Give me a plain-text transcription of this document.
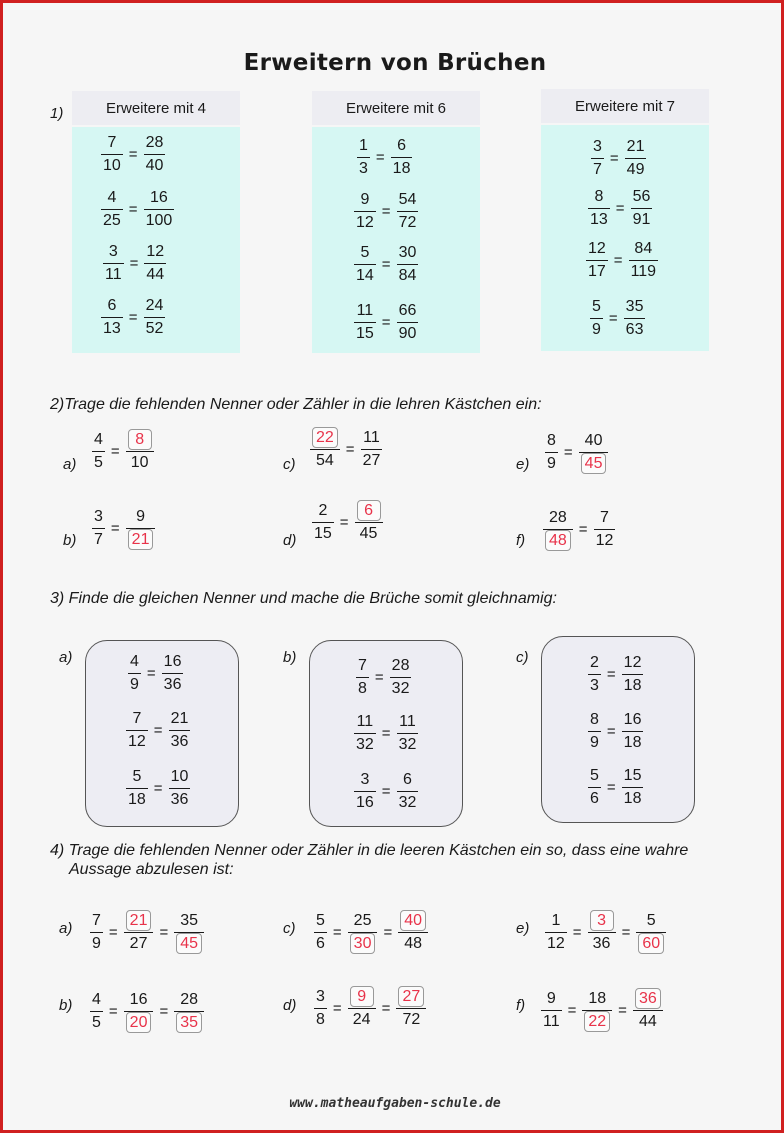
Erweitern von Brüchen
1)	Erweitere mit 4	Erweitere mit 6	Erweitere mit 7
$\frac{7}{10} = \frac{28}{40}$
$\frac{4}{25} = \frac{16}{100}$
$\frac{3}{11} = \frac{12}{44}$
$\frac{6}{13} = \frac{24}{52}$
$\frac{1}{3} = \frac{6}{18}$
$\frac{9}{12} = \frac{54}{72}$
$\frac{5}{14} = \frac{30}{84}$
$\frac{11}{15} = \frac{66}{90}$
$\frac{3}{7} = \frac{21}{49}$
$\frac{8}{13} = \frac{56}{91}$
$\frac{12}{17} = \frac{84}{119}$
$\frac{5}{9} = \frac{35}{63}$
2)Trage die fehlenden Nenner oder Zähler in die lehren Kästchen ein:
$a) \frac{4}{5} = \frac{8}{10}$
$b) \frac{3}{7} = \frac{9}{21}$
$c) \frac{22}{54} = \frac{11}{27}$
$d) \frac{2}{15} = \frac{6}{45}$
$e) \frac{8}{9} = \frac{40}{45}$
$f) \frac{28}{48} = \frac{7}{12}$
3) Finde die gleichen Nenner und mache die Brüche somit gleichnamig:
a)	b)	c)
$\frac{4}{9} = \frac{16}{36}$
$\frac{7}{12} = \frac{21}{36}$
$\frac{5}{18} = \frac{10}{36}$
$\frac{7}{8} = \frac{28}{32}$
$\frac{11}{32} = \frac{11}{32}$
$\frac{3}{16} = \frac{6}{32}$
$\frac{2}{3} = \frac{12}{18}$
$\frac{8}{9} = \frac{16}{18}$
$\frac{5}{6} = \frac{15}{18}$
4) Trage die fehlenden Nenner oder Zähler in die leeren Kästchen ein so, dass eine wahre
Aussage abzulesen ist:
$a) \frac{7}{9} = \frac{21}{27} = \frac{35}{45}$
$b) \frac{4}{5} = \frac{16}{20} = \frac{28}{35}$
$c) \frac{5}{6} = \frac{25}{30} = \frac{40}{48}$
$d) \frac{3}{8} = \frac{9}{24} = \frac{27}{72}$
$e) \frac{1}{12} = \frac{3}{36} = \frac{5}{60}$
$f) \frac{9}{11} = \frac{18}{22} = \frac{36}{44}$
www.matheaufgaben-schule.de
